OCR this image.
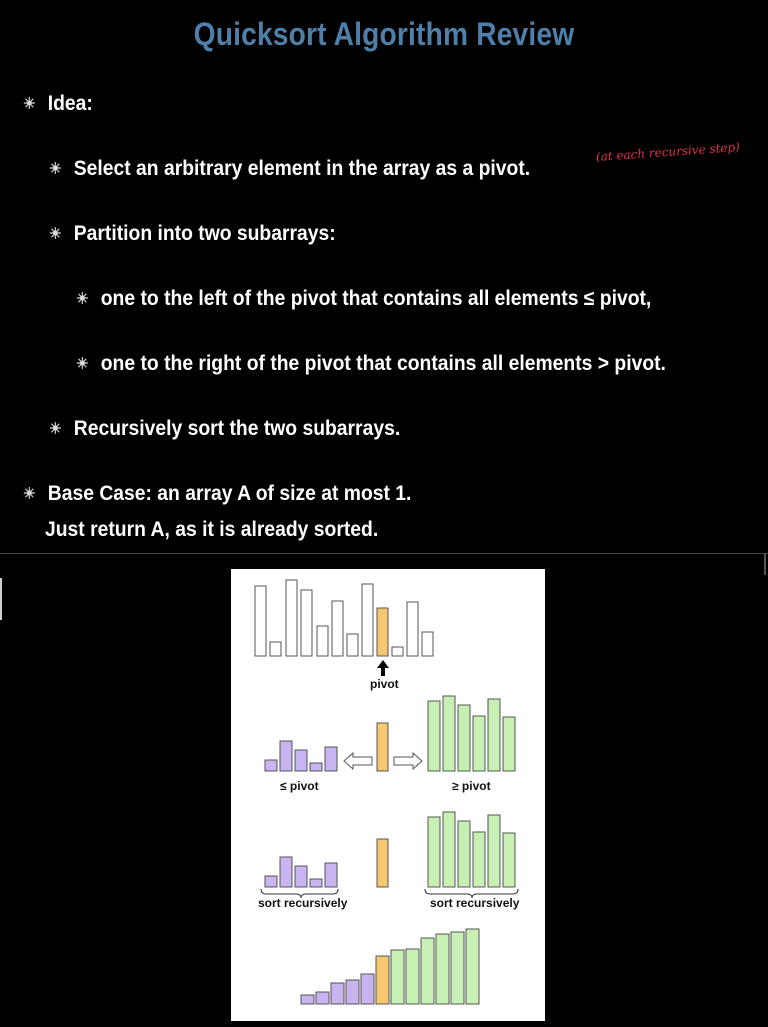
Quicksort Algorithm Review
Idea:
Select an arbitrary element in the array as a pivot.
(at each recursive step)
Partition into two subarrays:
one to the left of the pivot that contains all elements ≤ pivot,
one to the right of the pivot that contains all elements > pivot.
Recursively sort the two subarrays.
Base Case: an array A of size at most 1.
Just return A, as it is already sorted.
pivot
≤ pivot	≥ pivot
sort recursively	sort recursively
